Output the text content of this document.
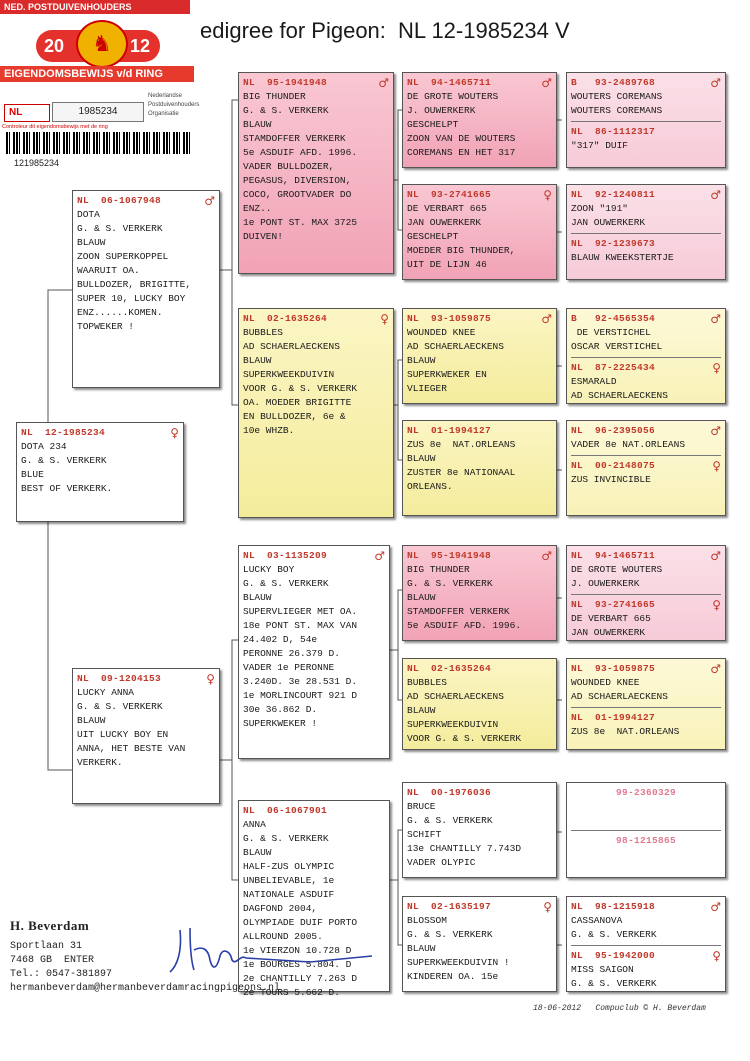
NED. POSTDUIVENHOUDERS ORGANISATIE
20	12
♞
EIGENDOMSBEWIJS v/d RING
NL	1985234
Nederlandse
Postduivenhouders
Organisatie
Controleur dit eigendomsbewijs met de ring
121985234
edigree for Pigeon: NL 12-1985234 V
NL  12-1985234	♀
DOTA 234
G. & S. VERKERK
BLUE
BEST OF VERKERK.
NL  06-1067948	♂
DOTA
G. & S. VERKERK
BLAUW
ZOON SUPERKOPPEL
WAARUIT OA.
BULLDOZER, BRIGITTE,
SUPER 10, LUCKY BOY
ENZ......KOMEN.
TOPWEKER !
NL  09-1204153	♀
LUCKY ANNA
G. & S. VERKERK
BLAUW
UIT LUCKY BOY EN
ANNA, HET BESTE VAN
VERKERK.
NL  95-1941948	♂
BIG THUNDER
G. & S. VERKERK
BLAUW
STAMDOFFER VERKERK
5e ASDUIF AFD. 1996.
VADER BULLDOZER,
PEGASUS, DIVERSION,
COCO, GROOTVADER DO
ENZ..
1e PONT ST. MAX 3725
DUIVEN!
NL  02-1635264	♀
BUBBLES
AD SCHAERLAECKENS
BLAUW
SUPERKWEEKDUIVIN
VOOR G. & S. VERKERK
OA. MOEDER BRIGITTE
EN BULLDOZER, 6e &
10e WHZB.
NL  03-1135209	♂
LUCKY BOY
G. & S. VERKERK
BLAUW
SUPERVLIEGER MET OA.
18e PONT ST. MAX VAN
24.402 D, 54e
PERONNE 26.379 D.
VADER 1e PERONNE
3.240D. 3e 28.531 D.
1e MORLINCOURT 921 D
30e 36.862 D.
SUPERKWEKER !
NL  06-1067901
ANNA
G. & S. VERKERK
BLAUW
HALF-ZUS OLYMPIC
UNBELIEVABLE, 1e
NATIONALE ASDUIF
DAGFOND 2004,
OLYMPIADE DUIF PORTO
ALLROUND 2005.
1e VIERZON 10.728 D
1e BOURGES 5.804. D
2e CHANTILLY 7.263 D
2e TOURS 5.662 D.
NL  94-1465711	♂
DE GROTE WOUTERS
J. OUWERKERK
GESCHELPT
ZOON VAN DE WOUTERS
COREMANS EN HET 317
NL  93-2741665	♀
DE VERBART 665
JAN OUWERKERK
GESCHELPT
MOEDER BIG THUNDER,
UIT DE LIJN 46
NL  93-1059875	♂
WOUNDED KNEE
AD SCHAERLAECKENS
BLAUW
SUPERKWEKER EN
VLIEGER
NL  01-1994127
ZUS 8e  NAT.ORLEANS
BLAUW
ZUSTER 8e NATIONAAL
ORLEANS.
NL  95-1941948	♂
BIG THUNDER
G. & S. VERKERK
BLAUW
STAMDOFFER VERKERK
5e ASDUIF AFD. 1996.
NL  02-1635264
BUBBLES
AD SCHAERLAECKENS
BLAUW
SUPERKWEEKDUIVIN
VOOR G. & S. VERKERK
NL  00-1976036
BRUCE
G. & S. VERKERK
SCHIFT
13e CHANTILLY 7.743D
VADER OLYPIC
NL  02-1635197	♀
BLOSSOM
G. & S. VERKERK
BLAUW
SUPERKWEEKDUIVIN !
KINDEREN OA. 15e
B   93-2489768	♂
WOUTERS COREMANS
WOUTERS COREMANS
NL  86-1112317
"317" DUIF
NL  92-1240811	♂
ZOON "191"
JAN OUWERKERK
NL  92-1239673
BLAUW KWEEKSTERTJE
B   92-4565354	♂
DE VERSTICHEL
OSCAR VERSTICHEL
NL  87-2225434	♀
ESMARALD
AD SCHAERLAECKENS
NL  96-2395056	♂
VADER 8e NAT.ORLEANS
NL  00-2148075	♀
ZUS INVINCIBLE
NL  94-1465711	♂
DE GROTE WOUTERS
J. OUWERKERK
NL  93-2741665	♀
DE VERBART 665
JAN OUWERKERK
NL  93-1059875	♂
WOUNDED KNEE
AD SCHAERLAECKENS
NL  01-1994127
ZUS 8e  NAT.ORLEANS
99-2360329
98-1215865
NL  98-1215918	♂
CASSANOVA
G. & S. VERKERK
NL  95-1942000	♀
MISS SAIGON
G. & S. VERKERK
H. Beverdam
Sportlaan 31
7468 GB  ENTER
Tel.: 0547-381897
hermanbeverdam@hermanbeverdamracingpigeons.nl
18-06-2012   Compuclub © H. Beverdam
